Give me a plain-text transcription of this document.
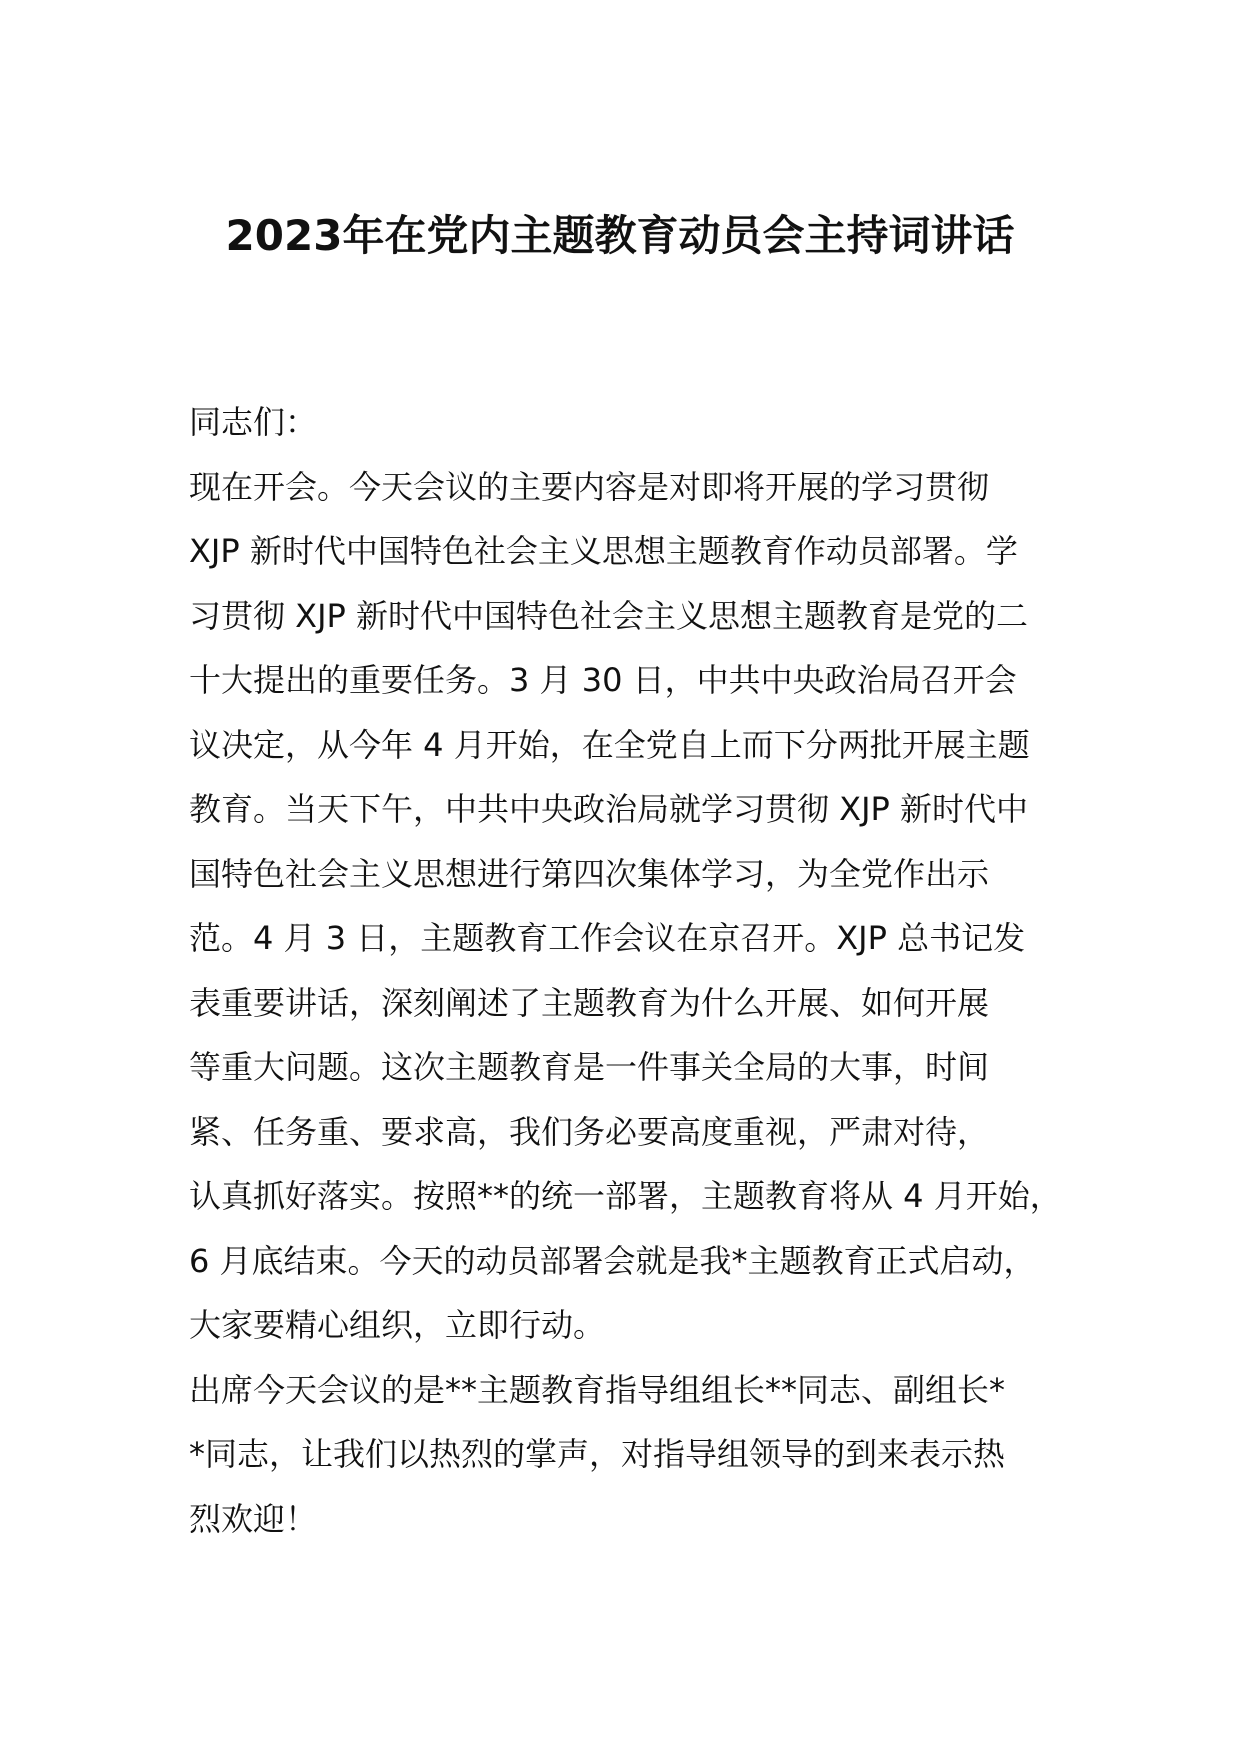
2023年在党内主题教育动员会主持词讲话
同志们：
现在开会。今天会议的主要内容是对即将开展的学习贯彻
XJP 新时代中国特色社会主义思想主题教育作动员部署。学
习贯彻 XJP 新时代中国特色社会主义思想主题教育是党的二
十大提出的重要任务。3 月 30 日，中共中央政治局召开会
议决定，从今年 4 月开始，在全党自上而下分两批开展主题
教育。当天下午，中共中央政治局就学习贯彻 XJP 新时代中
国特色社会主义思想进行第四次集体学习，为全党作出示
范。4 月 3 日，主题教育工作会议在京召开。XJP 总书记发
表重要讲话，深刻阐述了主题教育为什么开展、如何开展
等重大问题。这次主题教育是一件事关全局的大事，时间
紧、任务重、要求高，我们务必要高度重视，严肃对待，
认真抓好落实。按照**的统一部署，主题教育将从 4 月开始，
6 月底结束。今天的动员部署会就是我*主题教育正式启动，
大家要精心组织，立即行动。
出席今天会议的是**主题教育指导组组长**同志、副组长*
*同志，让我们以热烈的掌声，对指导组领导的到来表示热
烈欢迎！
